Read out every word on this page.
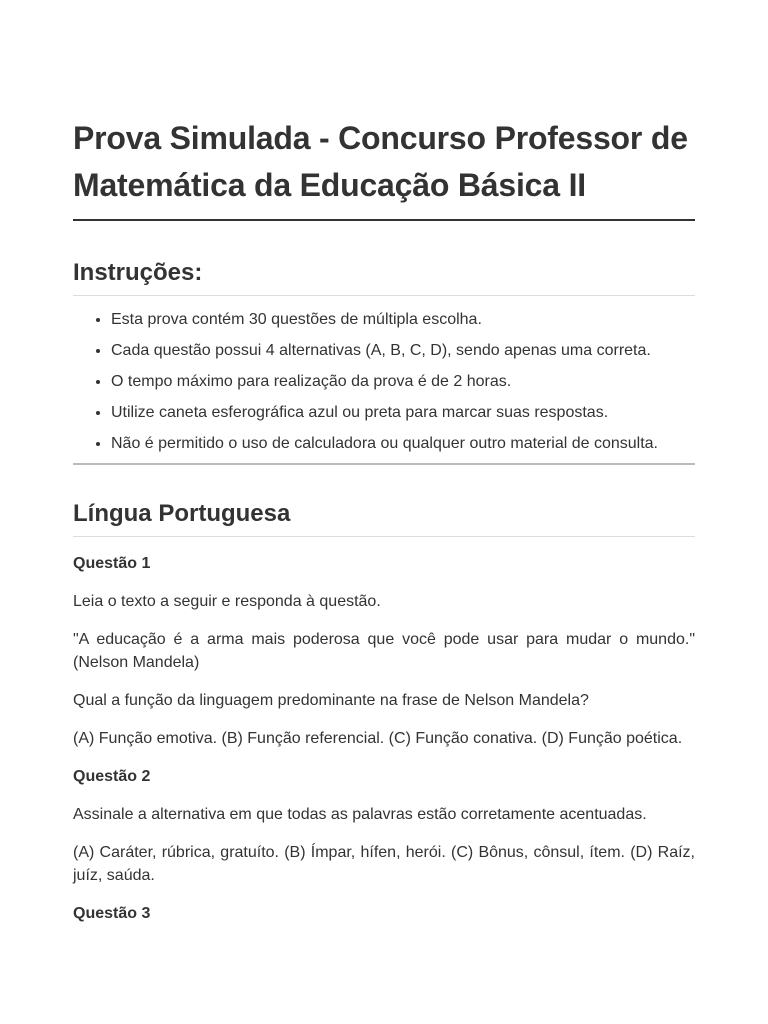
Prova Simulada - Concurso Professor de Matemática da Educação Básica II
Instruções:
• Esta prova contém 30 questões de múltipla escolha.
• Cada questão possui 4 alternativas (A, B, C, D), sendo apenas uma correta.
• O tempo máximo para realização da prova é de 2 horas.
• Utilize caneta esferográfica azul ou preta para marcar suas respostas.
• Não é permitido o uso de calculadora ou qualquer outro material de consulta.
Língua Portuguesa

Questão 1

Leia o texto a seguir e responda à questão.

"A educação é a arma mais poderosa que você pode usar para mudar o mundo." (Nelson Mandela)

Qual a função da linguagem predominante na frase de Nelson Mandela?

(A) Função emotiva. (B) Função referencial. (C) Função conativa. (D) Função poética.

Questão 2

Assinale a alternativa em que todas as palavras estão corretamente acentuadas.

(A) Caráter, rúbrica, gratuíto. (B) Ímpar, hífen, herói. (C) Bônus, cônsul, ítem. (D) Raíz, juíz, saúda.

Questão 3
